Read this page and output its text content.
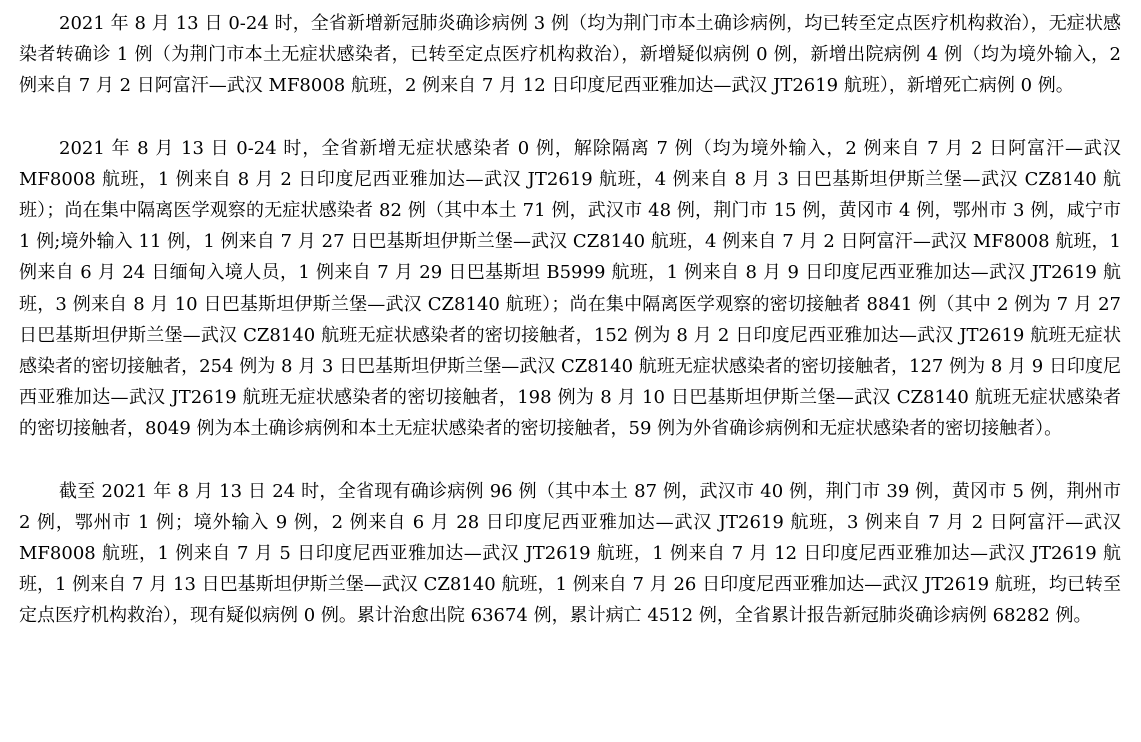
2021 年 8 月 13 日 0-24 时，全省新增新冠肺炎确诊病例 3 例（均为荆门市本土确诊病例，均已转至定点医疗机构救治），无症状感染者转确诊 1 例（为荆门市本土无症状感染者，已转至定点医疗机构救治），新增疑似病例 0 例，新增出院病例 4 例（均为境外输入，2 例来自 7 月 2 日阿富汗—武汉 MF8008 航班，2 例来自 7 月 12 日印度尼西亚雅加达—武汉 JT2619 航班），新增死亡病例 0 例。

2021 年 8 月 13 日 0-24 时，全省新增无症状感染者 0 例，解除隔离 7 例（均为境外输入，2 例来自 7 月 2 日阿富汗—武汉 MF8008 航班，1 例来自 8 月 2 日印度尼西亚雅加达—武汉 JT2619 航班，4 例来自 8 月 3 日巴基斯坦伊斯兰堡—武汉 CZ8140 航班）；尚在集中隔离医学观察的无症状感染者 82 例（其中本土 71 例，武汉市 48 例，荆门市 15 例，黄冈市 4 例，鄂州市 3 例，咸宁市 1 例;境外输入 11 例，1 例来自 7 月 27 日巴基斯坦伊斯兰堡—武汉 CZ8140 航班，4 例来自 7 月 2 日阿富汗—武汉 MF8008 航班，1 例来自 6 月 24 日缅甸入境人员，1 例来自 7 月 29 日巴基斯坦 B5999 航班，1 例来自 8 月 9 日印度尼西亚雅加达—武汉 JT2619 航班，3 例来自 8 月 10 日巴基斯坦伊斯兰堡—武汉 CZ8140 航班）；尚在集中隔离医学观察的密切接触者 8841 例（其中 2 例为 7 月 27 日巴基斯坦伊斯兰堡—武汉 CZ8140 航班无症状感染者的密切接触者，152 例为 8 月 2 日印度尼西亚雅加达—武汉 JT2619 航班无症状感染者的密切接触者，254 例为 8 月 3 日巴基斯坦伊斯兰堡—武汉 CZ8140 航班无症状感染者的密切接触者，127 例为 8 月 9 日印度尼西亚雅加达—武汉 JT2619 航班无症状感染者的密切接触者，198 例为 8 月 10 日巴基斯坦伊斯兰堡—武汉 CZ8140 航班无症状感染者的密切接触者，8049 例为本土确诊病例和本土无症状感染者的密切接触者，59 例为外省确诊病例和无症状感染者的密切接触者）。

截至 2021 年 8 月 13 日 24 时，全省现有确诊病例 96 例（其中本土 87 例，武汉市 40 例，荆门市 39 例，黄冈市 5 例，荆州市 2 例，鄂州市 1 例；境外输入 9 例，2 例来自 6 月 28 日印度尼西亚雅加达—武汉 JT2619 航班，3 例来自 7 月 2 日阿富汗—武汉 MF8008 航班，1 例来自 7 月 5 日印度尼西亚雅加达—武汉 JT2619 航班，1 例来自 7 月 12 日印度尼西亚雅加达—武汉 JT2619 航班，1 例来自 7 月 13 日巴基斯坦伊斯兰堡—武汉 CZ8140 航班，1 例来自 7 月 26 日印度尼西亚雅加达—武汉 JT2619 航班，均已转至定点医疗机构救治），现有疑似病例 0 例。累计治愈出院 63674 例，累计病亡 4512 例，全省累计报告新冠肺炎确诊病例 68282 例。
